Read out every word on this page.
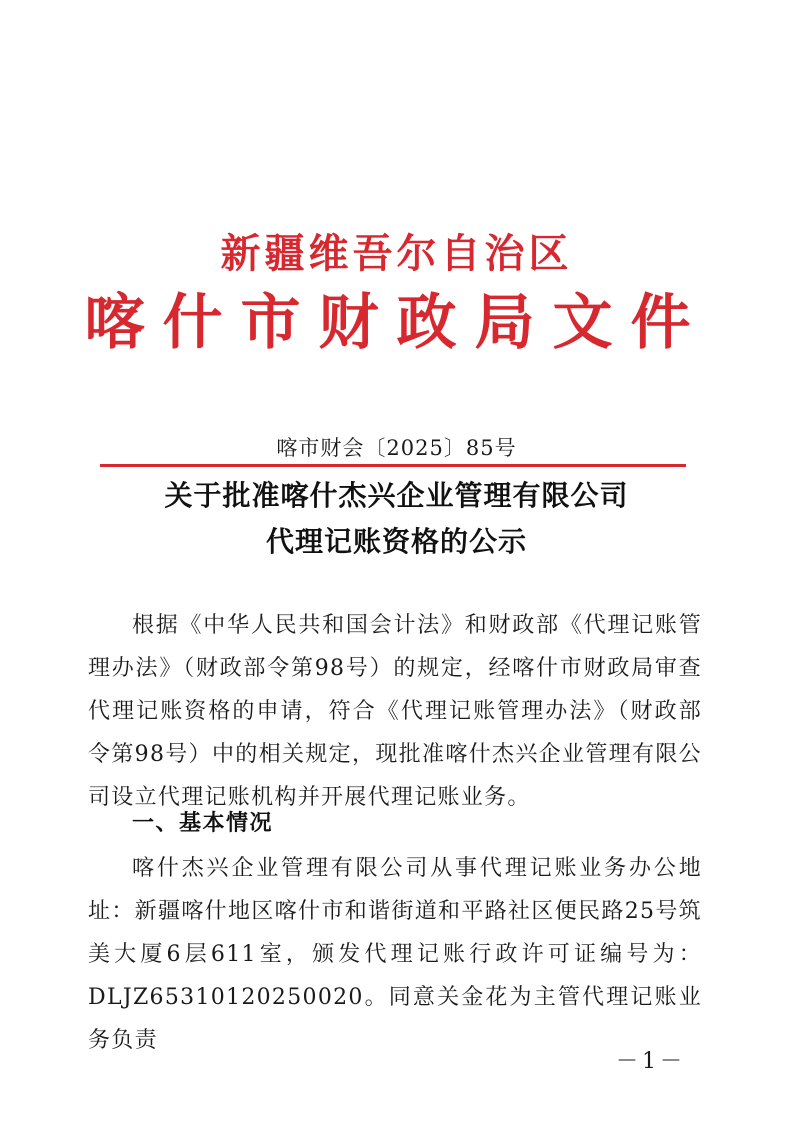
新疆维吾尔自治区
喀什市财政局文件
喀市财会〔2025〕85号
关于批准喀什杰兴企业管理有限公司
代理记账资格的公示
根据《中华人民共和国会计法》和财政部《代理记账管理办法》（财政部令第98号）的规定，经喀什市财政局审查代理记账资格的申请，符合《代理记账管理办法》（财政部令第98号）中的相关规定，现批准喀什杰兴企业管理有限公司设立代理记账机构并开展代理记账业务。
一、基本情况
喀什杰兴企业管理有限公司从事代理记账业务办公地址：新疆喀什地区喀什市和谐街道和平路社区便民路25号筑美大厦6层611室，颁发代理记账行政许可证编号为：DLJZ65310120250020。同意关金花为主管代理记账业务负责
－1－
